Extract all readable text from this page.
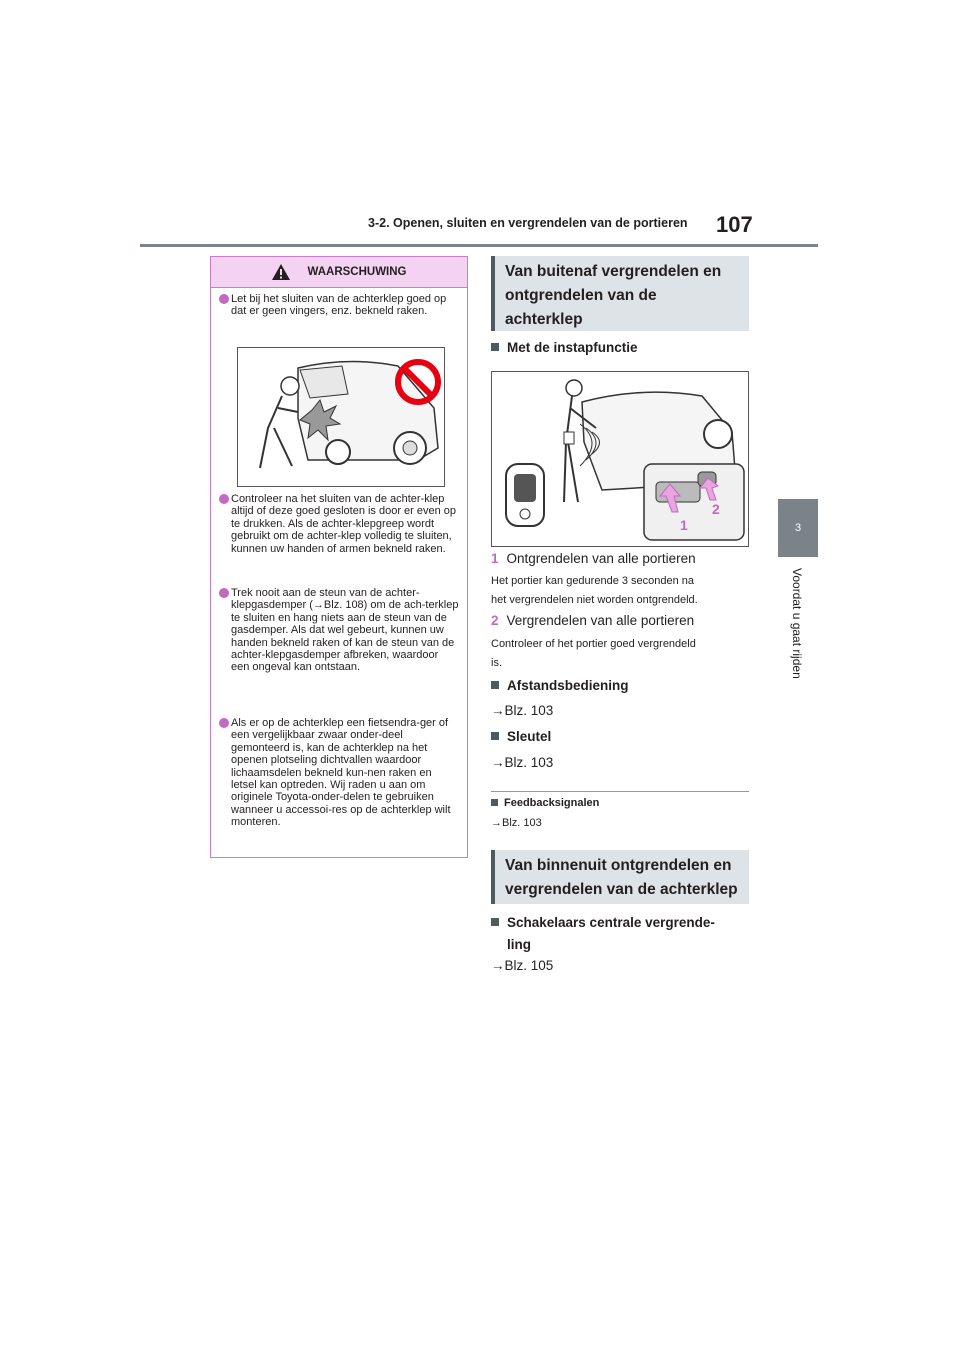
3-2. Openen, sluiten en vergrendelen van de portieren 107
3
Voordat u gaat rijden
WAARSCHUWING
Let bij het sluiten van de achterklep goed op dat er geen vingers, enz. bekneld raken.
Controleer na het sluiten van de achter-klep altijd of deze goed gesloten is door er even op te drukken. Als de achter-klepgreep wordt gebruikt om de achter-klep volledig te sluiten, kunnen uw handen of armen bekneld raken.
Trek nooit aan de steun van de achter-klepgasdemper (→Blz. 108) om de ach-terklep te sluiten en hang niets aan de steun van de gasdemper. Als dat wel gebeurt, kunnen uw handen bekneld raken of kan de steun van de achter-klepgasdemper afbreken, waardoor een ongeval kan ontstaan.
Als er op de achterklep een fietsendra-ger of een vergelijkbaar zwaar onder-deel gemonteerd is, kan de achterklep na het openen plotseling dichtvallen waardoor lichaamsdelen bekneld kun-nen raken en letsel kan optreden. Wij raden u aan om originele Toyota-onder-delen te gebruiken wanneer u accessoi-res op de achterklep wilt monteren.
Van buitenaf vergrendelen en
ontgrendelen van de
achterklep
Met de instapfunctie
1
2
1 Ontgrendelen van alle portieren
Het portier kan gedurende 3 seconden na
het vergrendelen niet worden ontgrendeld.
2 Vergrendelen van alle portieren
Controleer of het portier goed vergrendeld
is.
Afstandsbediening
→Blz. 103
Sleutel
→Blz. 103
Feedbacksignalen
→Blz. 103
Van binnenuit ontgrendelen en
vergrendelen van de achterklep
Schakelaars centrale vergrende-
ling
→Blz. 105
